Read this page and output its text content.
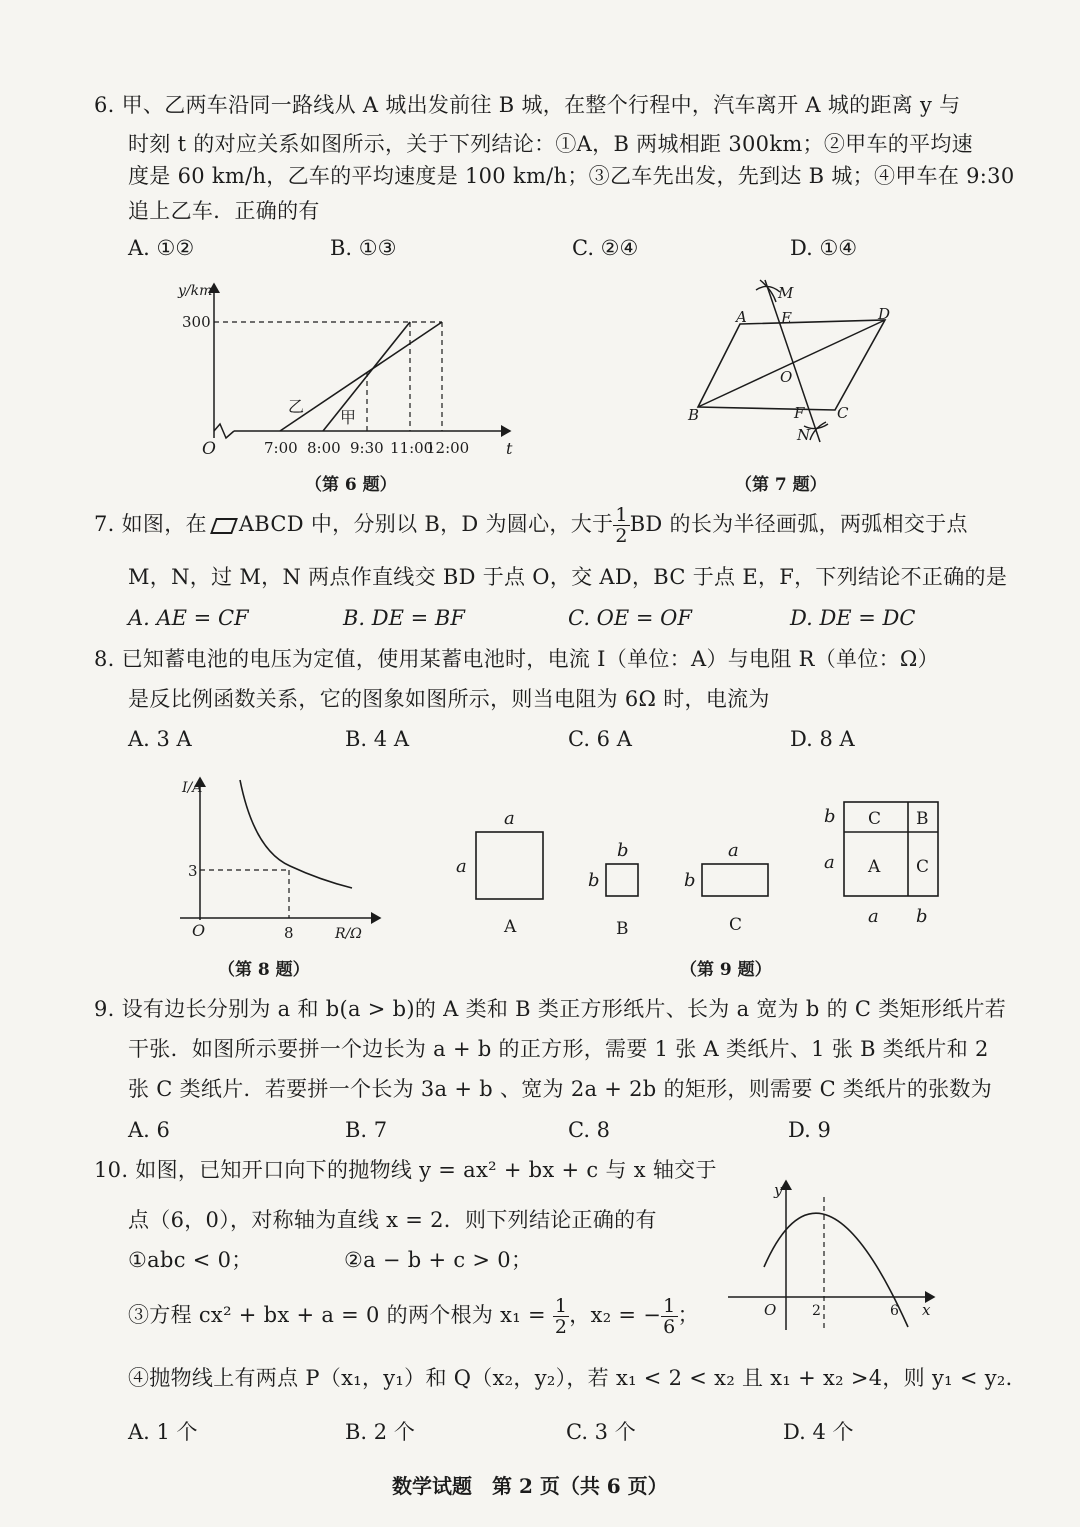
6. 甲、乙两车沿同一路线从 A 城出发前往 B 城，在整个行程中，汽车离开 A 城的距离 y 与
时刻 t 的对应关系如图所示，关于下列结论：①A，B 两城相距 300km；②甲车的平均速
度是 60 km/h，乙车的平均速度是 100 km/h；③乙车先出发，先到达 B 城；④甲车在 9:30
追上乙车．正确的有
A. ①②	B. ①③	C. ②④	D. ①④
y/km
300
O	t
7:00 8:00 9:30 11:00
12:00
乙
甲
（第 6 题）
A
B	C
D
E
F
O
M
N
（第 7 题）
7. 如图，在 ABCD 中，分别以 B，D 为圆心，大于 $\frac{1}{2}$ BD 的长为半径画弧，两弧相交于点
M，N，过 M，N 两点作直线交 BD 于点 O，交 AD，BC 于点 E，F，下列结论不正确的是
A. AE = CF	B. DE = BF	C. OE = OF	D. DE = DC
8. 已知蓄电池的电压为定值，使用某蓄电池时，电流 I（单位：A）与电阻 R（单位：Ω）
是反比例函数关系，它的图象如图所示，则当电阻为 6Ω 时，电流为
A. 3 A	B. 4 A	C. 6 A	D. 8 A
I/A
3
O	8	R/Ω
（第 8 题）
a
a
A
b
b
B
a
b
C
C B
A C
b
a
a b
（第 9 题）
9. 设有边长分别为 a 和 b(a > b)的 A 类和 B 类正方形纸片、长为 a 宽为 b 的 C 类矩形纸片若
干张．如图所示要拼一个边长为 a + b 的正方形，需要 1 张 A 类纸片、1 张 B 类纸片和 2
张 C 类纸片．若要拼一个长为 3a + b 、宽为 2a + 2b 的矩形，则需要 C 类纸片的张数为
A. 6	B. 7	C. 8	D. 9
10. 如图，已知开口向下的抛物线 y = ax² + bx + c 与 x 轴交于
点（6，0），对称轴为直线 x = 2．则下列结论正确的有
①abc < 0；	②a − b + c > 0；
③方程 cx² + bx + a = 0 的两个根为 $x_1 = \frac{1}{2}$ ，x₂ = − $\frac{1}{6}$ ；
④抛物线上有两点 P（x₁，y₁）和 Q（x₂，y₂），若 x₁ < 2 < x₂ 且 x₁ + x₂ >4，则 y₁ < y₂．
A. 1 个	B. 2 个	C. 3 个	D. 4 个
y
O	2	6 x
数学试题　第 2 页（共 6 页）
